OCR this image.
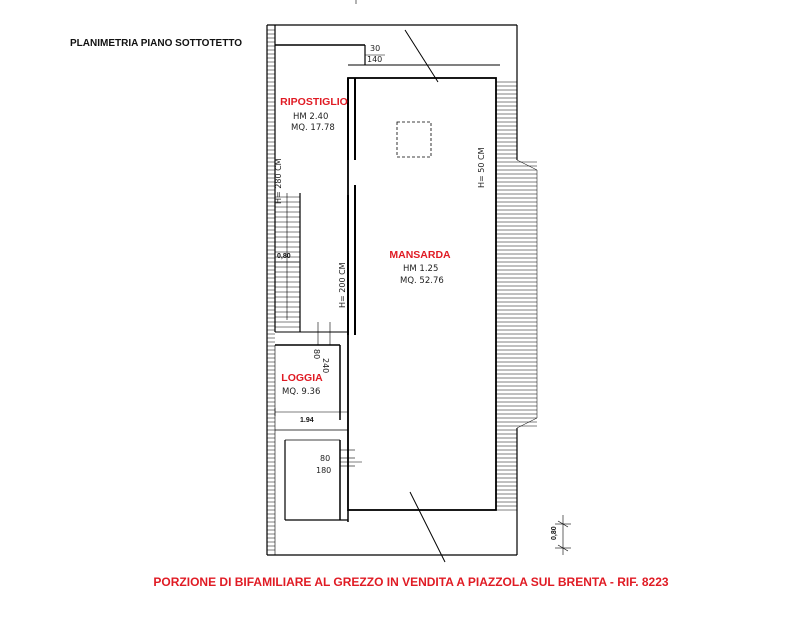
PLANIMETRIA PIANO SOTTOTETTO	30
140
H= 280 CM
0,80
H= 200 CM
H= 50 CM
240
80
1.94
80
180
0,80
RIPOSTIGLIO
HM 2.40
MQ. 17.78
MANSARDA
HM 1.25
MQ. 52.76
LOGGIA
MQ. 9.36
PORZIONE DI BIFAMILIARE AL GREZZO IN VENDITA A PIAZZOLA SUL BRENTA - RIF. 8223
